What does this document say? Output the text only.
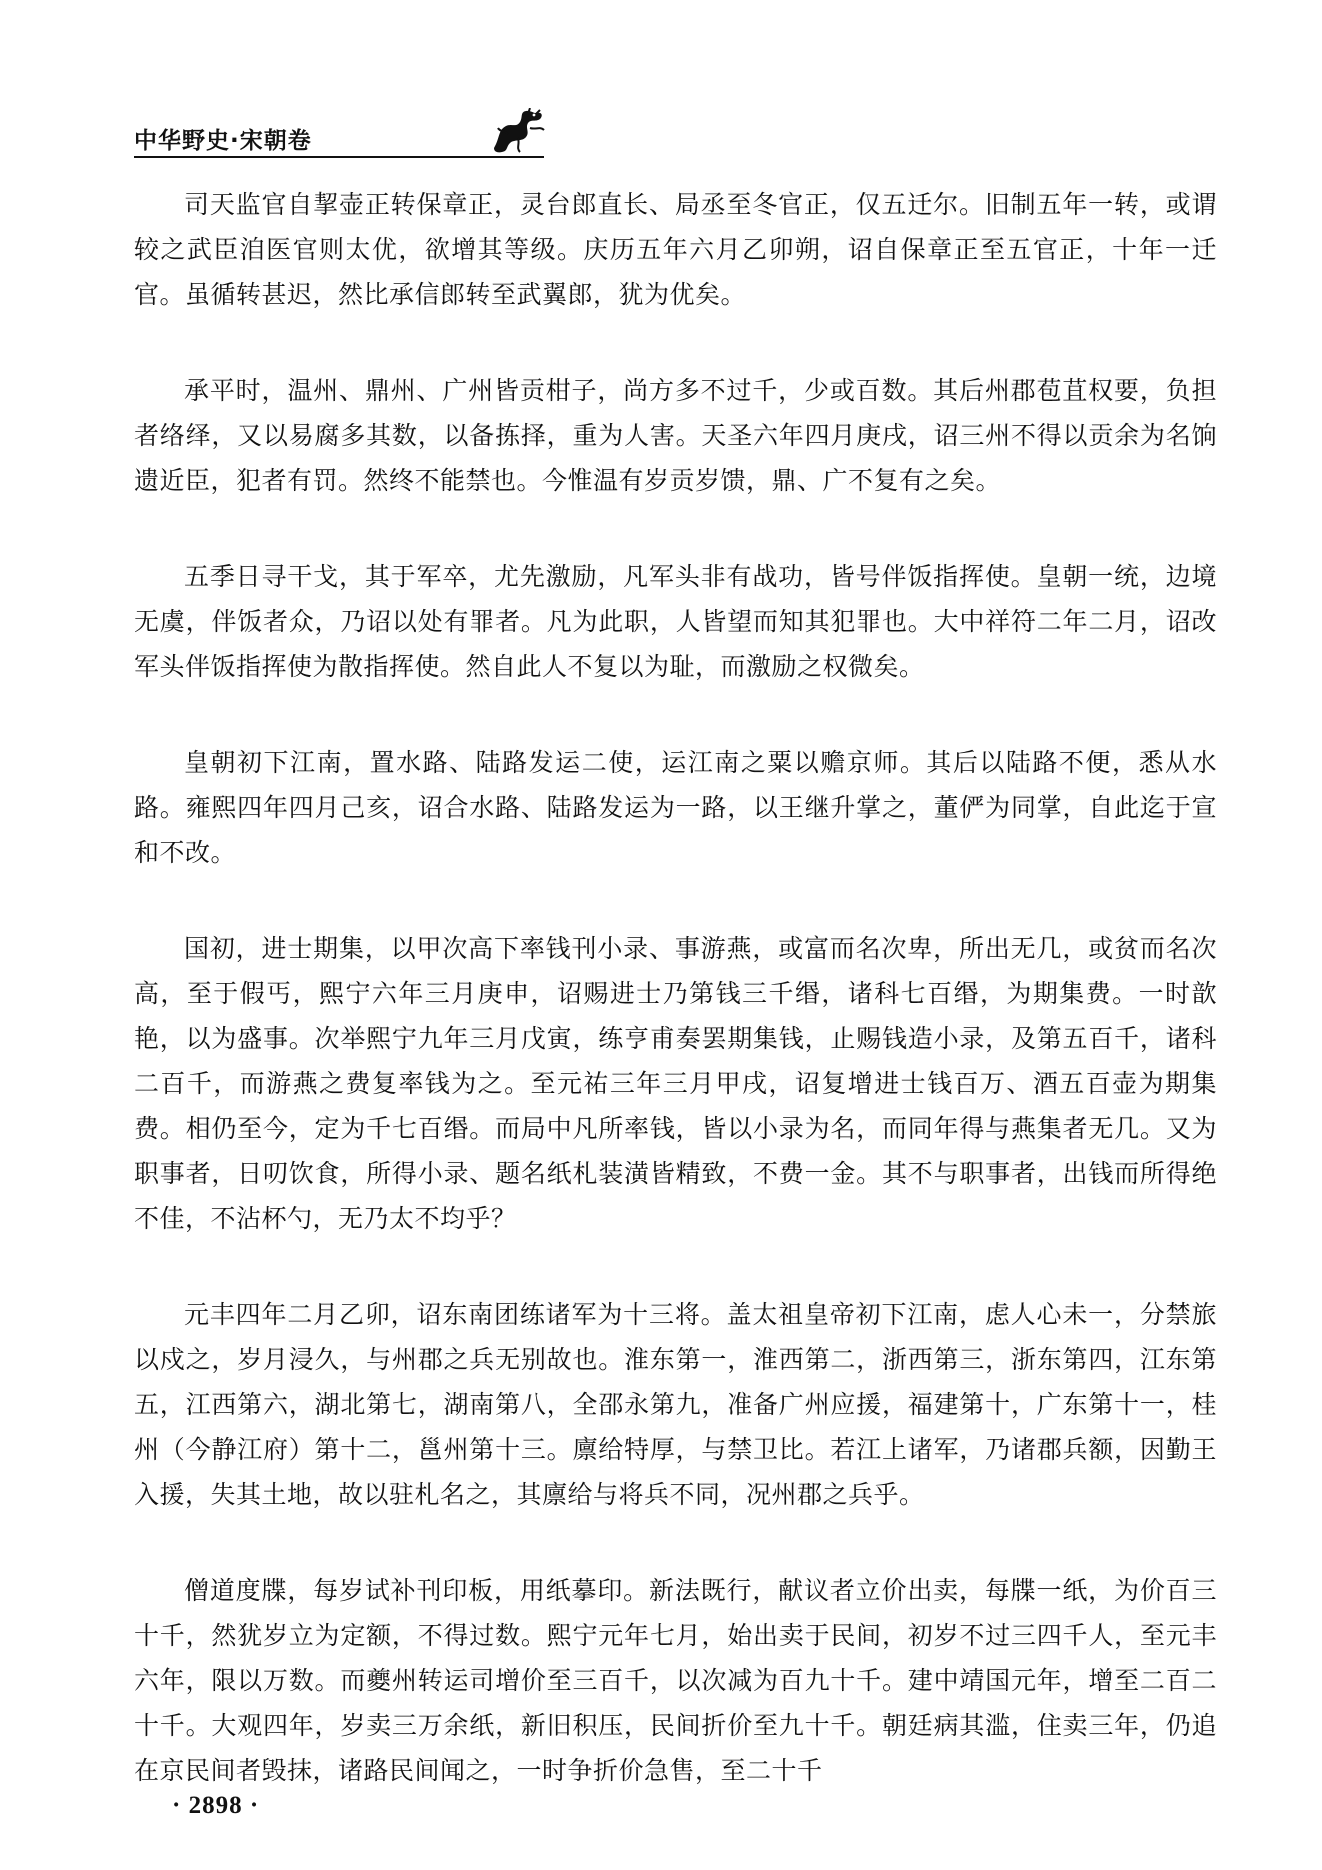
中华野史·宋朝卷

司天监官自挈壶正转保章正，灵台郎直长、局丞至冬官正，仅五迁尔。旧制五年一转，或谓较之武臣洎医官则太优，欲增其等级。庆历五年六月乙卯朔，诏自保章正至五官正，十年一迁官。虽循转甚迟，然比承信郎转至武翼郎，犹为优矣。

承平时，温州、鼎州、广州皆贡柑子，尚方多不过千，少或百数。其后州郡苞苴权要，负担者络绎，又以易腐多其数，以备拣择，重为人害。天圣六年四月庚戌，诏三州不得以贡余为名饷遗近臣，犯者有罚。然终不能禁也。今惟温有岁贡岁馈，鼎、广不复有之矣。

五季日寻干戈，其于军卒，尤先激励，凡军头非有战功，皆号伴饭指挥使。皇朝一统，边境无虞，伴饭者众，乃诏以处有罪者。凡为此职，人皆望而知其犯罪也。大中祥符二年二月，诏改军头伴饭指挥使为散指挥使。然自此人不复以为耻，而激励之权微矣。

皇朝初下江南，置水路、陆路发运二使，运江南之粟以赡京师。其后以陆路不便，悉从水路。雍熙四年四月己亥，诏合水路、陆路发运为一路，以王继升掌之，董俨为同掌，自此迄于宣和不改。

国初，进士期集，以甲次高下率钱刊小录、事游燕，或富而名次卑，所出无几，或贫而名次高，至于假丐，熙宁六年三月庚申，诏赐进士乃第钱三千缗，诸科七百缗，为期集费。一时歆艳，以为盛事。次举熙宁九年三月戊寅，练亨甫奏罢期集钱，止赐钱造小录，及第五百千，诸科二百千，而游燕之费复率钱为之。至元祐三年三月甲戌，诏复增进士钱百万、酒五百壶为期集费。相仍至今，定为千七百缗。而局中凡所率钱，皆以小录为名，而同年得与燕集者无几。又为职事者，日叨饮食，所得小录、题名纸札装潢皆精致，不费一金。其不与职事者，出钱而所得绝不佳，不沾杯勺，无乃太不均乎？

元丰四年二月乙卯，诏东南团练诸军为十三将。盖太祖皇帝初下江南，虑人心未一，分禁旅以戍之，岁月浸久，与州郡之兵无别故也。淮东第一，淮西第二，浙西第三，浙东第四，江东第五，江西第六，湖北第七，湖南第八，全邵永第九，准备广州应援，福建第十，广东第十一，桂州（今静江府）第十二，邕州第十三。廪给特厚，与禁卫比。若江上诸军，乃诸郡兵额，因勤王入援，失其土地，故以驻札名之，其廪给与将兵不同，况州郡之兵乎。

僧道度牒，每岁试补刊印板，用纸摹印。新法既行，献议者立价出卖，每牒一纸，为价百三十千，然犹岁立为定额，不得过数。熙宁元年七月，始出卖于民间，初岁不过三四千人，至元丰六年，限以万数。而夔州转运司增价至三百千，以次减为百九十千。建中靖国元年，增至二百二十千。大观四年，岁卖三万余纸，新旧积压，民间折价至九十千。朝廷病其滥，住卖三年，仍追在京民间者毁抹，诸路民间闻之，一时争折价急售，至二十千

· 2898 ·
